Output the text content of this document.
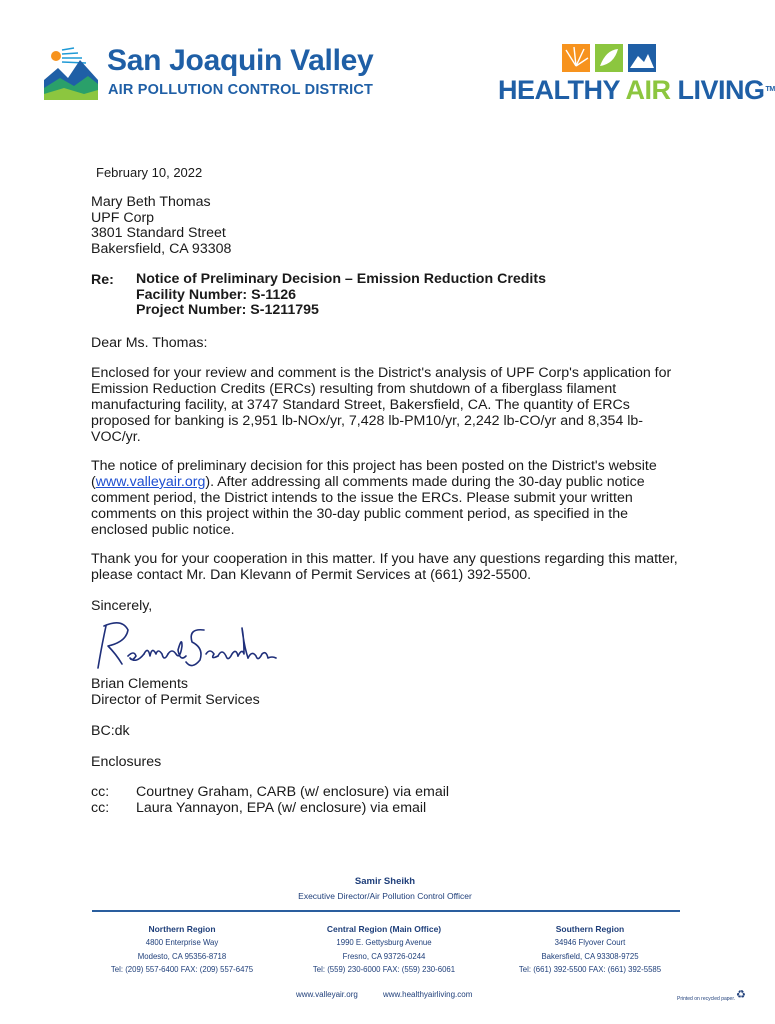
San Joaquin Valley
AIR POLLUTION CONTROL DISTRICT	HEALTHY AIR LIVING™
February 10, 2022
Mary Beth Thomas
UPF Corp
3801 Standard Street
Bakersfield, CA 93308
Re: Notice of Preliminary Decision – Emission Reduction Credits
Facility Number: S-1126
Project Number: S-1211795
Dear Ms. Thomas:
Enclosed for your review and comment is the District's analysis of UPF Corp's application for Emission Reduction Credits (ERCs) resulting from shutdown of a fiberglass filament manufacturing facility, at 3747 Standard Street, Bakersfield, CA. The quantity of ERCs proposed for banking is 2,951 lb-NOx/yr, 7,428 lb-PM10/yr, 2,242 lb-CO/yr and 8,354 lb-VOC/yr.
The notice of preliminary decision for this project has been posted on the District's website (www.valleyair.org). After addressing all comments made during the 30-day public notice comment period, the District intends to the issue the ERCs. Please submit your written comments on this project within the 30-day public comment period, as specified in the enclosed public notice.
Thank you for your cooperation in this matter. If you have any questions regarding this matter, please contact Mr. Dan Klevann of Permit Services at (661) 392-5500.
Sincerely,
Brian Clements
Director of Permit Services
BC:dk
Enclosures
cc:	Courtney Graham, CARB (w/ enclosure) via email
cc:	Laura Yannayon, EPA (w/ enclosure) via email
Samir Sheikh
Executive Director/Air Pollution Control Officer
Northern Region
4800 Enterprise Way
Modesto, CA 95356-8718
Tel: (209) 557-6400 FAX: (209) 557-6475
Central Region (Main Office)
1990 E. Gettysburg Avenue
Fresno, CA 93726-0244
Tel: (559) 230-6000 FAX: (559) 230-6061
Southern Region
34946 Flyover Court
Bakersfield, CA 93308-9725
Tel: (661) 392-5500 FAX: (661) 392-5585
www.valleyair.org	www.healthyairliving.com	Printed on recycled paper. ♻
